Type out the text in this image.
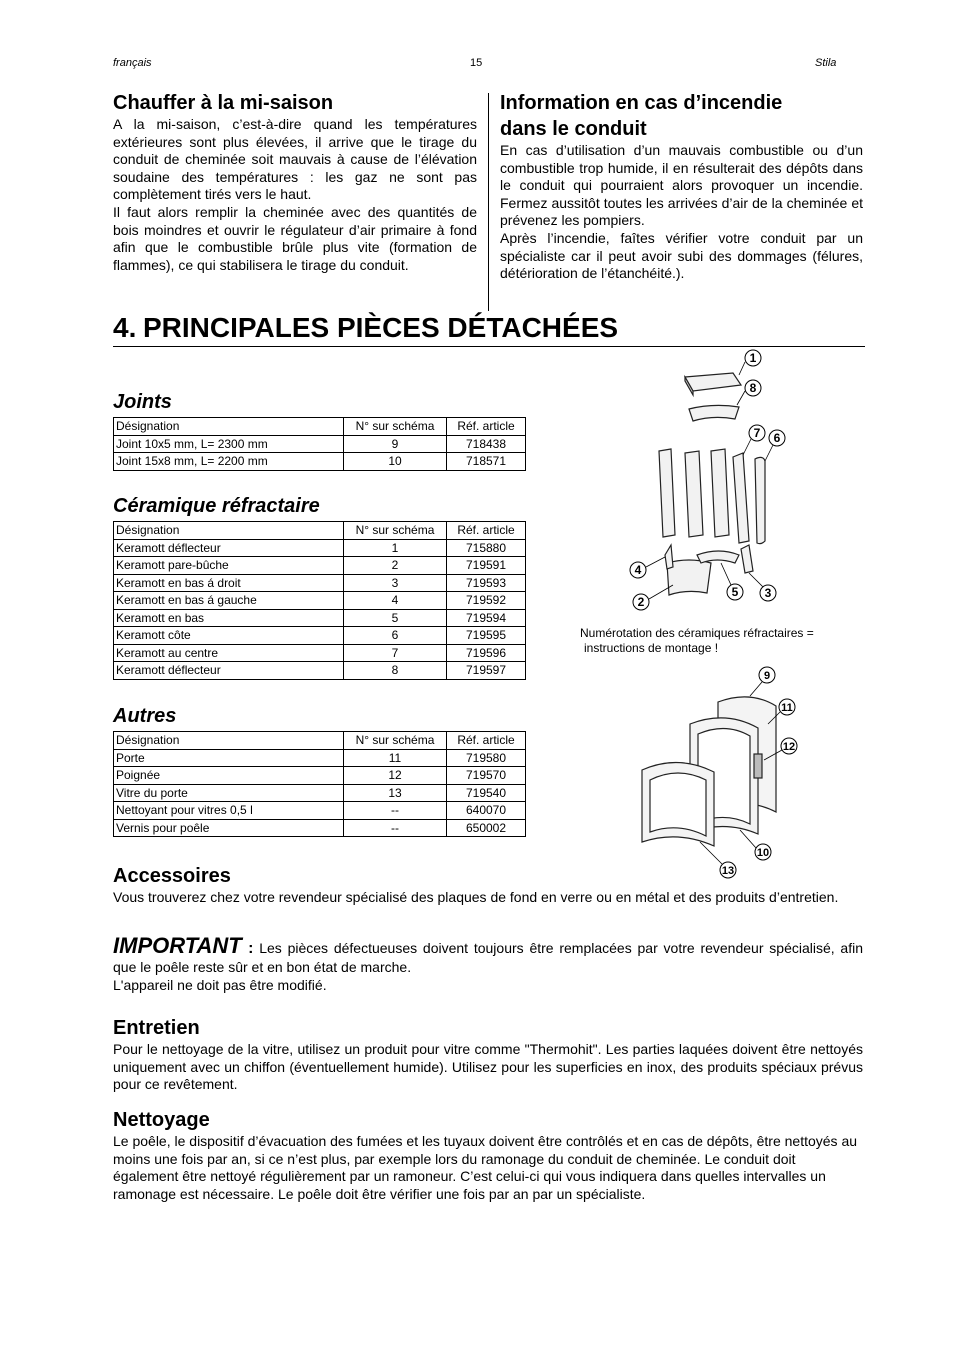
français	15	Stila
Chauffer à la mi-saison

A la mi-saison, c’est-à-dire quand les températures extérieures sont plus élevées, il arrive que le tirage du conduit de cheminée soit mauvais à cause de l’élévation soudaine des températures : les gaz ne sont pas complètement tirés vers le haut.

Il faut alors remplir la cheminée avec des quantités de bois moindres et ouvrir le régulateur d’air primaire à fond afin que le combustible brûle plus vite (formation de flammes), ce qui stabilisera le tirage du conduit.

Information en cas d’incendie
dans le conduit

En cas d’utilisation d’un mauvais combustible ou d’un combustible trop humide, il en résulterait des dépôts dans le conduit qui pourraient alors provoquer un incendie. Fermez aussitôt toutes les arrivées d’air de la cheminée et prévenez les pompiers.

Après l’incendie, faîtes vérifier votre conduit par un spécialiste car il peut avoir subi des dommages (félures, détérioration de l’étanchéité.).

4. PRINCIPALES PIÈCES DÉTACHÉES
Joints
Désignation	N° sur schéma	Réf. article
Joint 10x5 mm, L= 2300 mm	9	718438
Joint 15x8 mm, L= 2200 mm	10	718571
Céramique réfractaire
Désignation	N° sur schéma	Réf. article
Keramott déflecteur	1	715880
Keramott pare-bûche	2	719591
Keramott en bas á droit	3	719593
Keramott en bas á gauche	4	719592
Keramott en bas	5	719594
Keramott côte	6	719595
Keramott au centre	7	719596
Keramott déflecteur	8	719597
Autres
Désignation	N° sur schéma	Réf. article
Porte	11	719580
Poignée	12	719570
Vitre du porte	13	719540
Nettoyant pour vitres 0,5 l	--	640070
Vernis pour poêle	--	650002
1
8
7 6
4
5 3
2
Numérotation des céramiques réfractaires =
instructions de montage !
9
11
12
10
13
Accessoires

Vous trouverez chez votre revendeur spécialisé des plaques de fond en verre ou en métal et des produits d’entretien.

IMPORTANT : Les pièces défectueuses doivent toujours être remplacées par votre revendeur spécialisé, afin que le poêle reste sûr et en bon état de marche.

L'appareil ne doit pas être modifié.

Entretien

Pour le nettoyage de la vitre, utilisez un produit pour vitre comme "Thermohit". Les parties laquées doivent être nettoyés uniquement avec un chiffon (éventuellement humide). Utilisez pour les superficies en inox, des produits spéciaux prévus pour ce revêtement.

Nettoyage

Le poêle, le dispositif d’évacuation des fumées et les tuyaux doivent être contrôlés et en cas de dépôts, être nettoyés au moins une fois par an, si ce n’est plus, par exemple lors du ramonage du conduit de cheminée. Le conduit doit également être nettoyé régulièrement par un ramoneur. C’est celui-ci qui vous indiquera dans quelles intervalles un ramonage est nécessaire. Le poêle doit être vérifier une fois par an par un spécialiste.
